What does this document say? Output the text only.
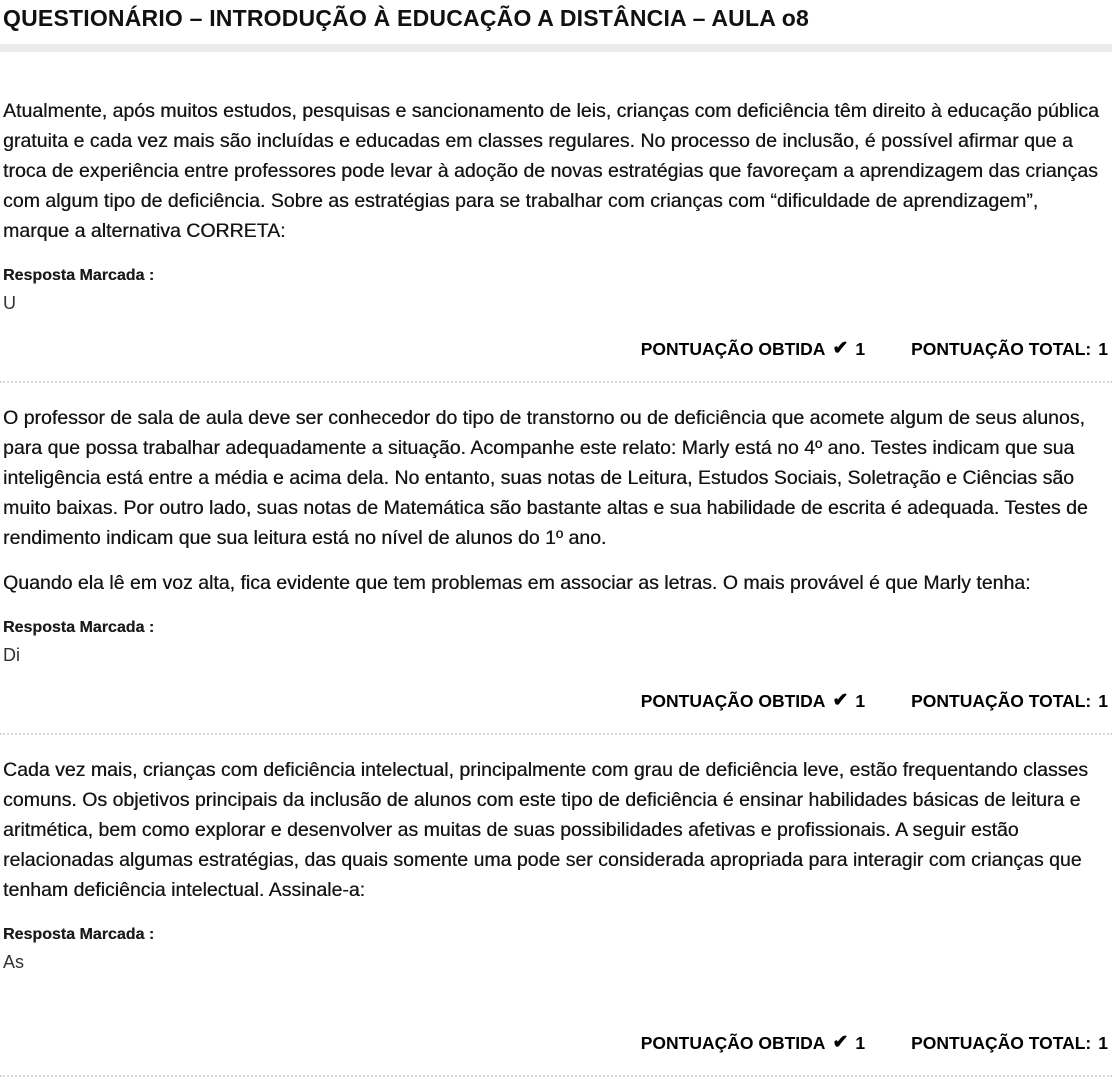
QUESTIONÁRIO – INTRODUÇÃO À EDUCAÇÃO A DISTÂNCIA – AULA o8

Atualmente, após muitos estudos, pesquisas e sancionamento de leis, crianças com deficiência têm direito à educação pública gratuita e cada vez mais são incluídas e educadas em classes regulares. No processo de inclusão, é possível afirmar que a troca de experiência entre professores pode levar à adoção de novas estratégias que favoreçam a aprendizagem das crianças com algum tipo de deficiência. Sobre as estratégias para se trabalhar com crianças com “dificuldade de aprendizagem”, marque a alternativa CORRETA:

Resposta Marcada :
U
PONTUAÇÃO OBTIDA ✔ 1	PONTUAÇÃO TOTAL: 1

O professor de sala de aula deve ser conhecedor do tipo de transtorno ou de deficiência que acomete algum de seus alunos, para que possa trabalhar adequadamente a situação. Acompanhe este relato: Marly está no 4º ano. Testes indicam que sua inteligência está entre a média e acima dela. No entanto, suas notas de Leitura, Estudos Sociais, Soletração e Ciências são muito baixas. Por outro lado, suas notas de Matemática são bastante altas e sua habilidade de escrita é adequada. Testes de rendimento indicam que sua leitura está no nível de alunos do 1º ano.

Quando ela lê em voz alta, fica evidente que tem problemas em associar as letras. O mais provável é que Marly tenha:

Resposta Marcada :
Di
PONTUAÇÃO OBTIDA ✔ 1	PONTUAÇÃO TOTAL: 1

Cada vez mais, crianças com deficiência intelectual, principalmente com grau de deficiência leve, estão frequentando classes comuns. Os objetivos principais da inclusão de alunos com este tipo de deficiência é ensinar habilidades básicas de leitura e aritmética, bem como explorar e desenvolver as muitas de suas possibilidades afetivas e profissionais. A seguir estão relacionadas algumas estratégias, das quais somente uma pode ser considerada apropriada para interagir com crianças que tenham deficiência intelectual. Assinale-a:

Resposta Marcada :
As
PONTUAÇÃO OBTIDA ✔ 1	PONTUAÇÃO TOTAL: 1
